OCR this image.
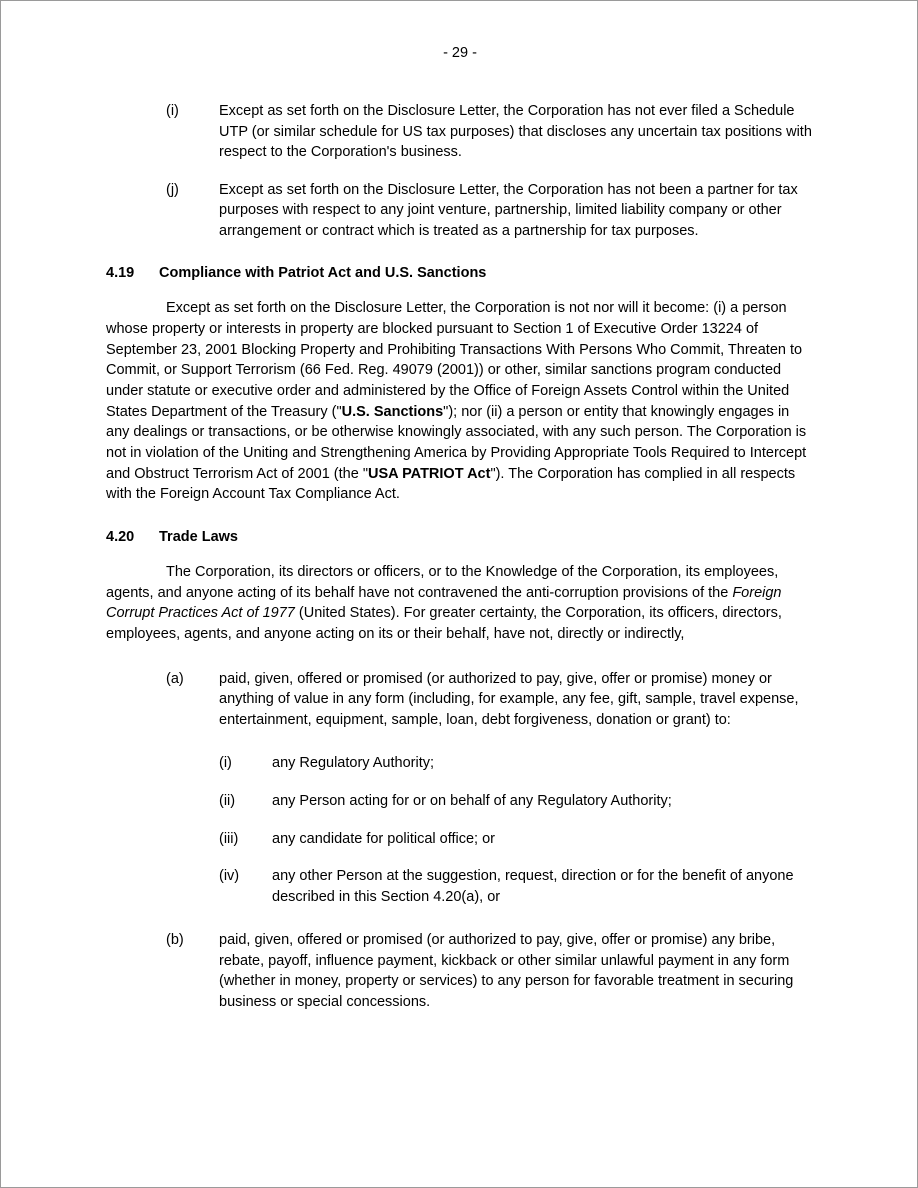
- 29 -
(i)	Except as set forth on the Disclosure Letter, the Corporation has not ever filed a Schedule UTP (or similar schedule for US tax purposes) that discloses any uncertain tax positions with respect to the Corporation's business.
(j)	Except as set forth on the Disclosure Letter, the Corporation has not been a partner for tax purposes with respect to any joint venture, partnership, limited liability company or other arrangement or contract which is treated as a partnership for tax purposes.
4.19	Compliance with Patriot Act and U.S. Sanctions
Except as set forth on the Disclosure Letter, the Corporation is not nor will it become: (i) a person whose property or interests in property are blocked pursuant to Section 1 of Executive Order 13224 of September 23, 2001 Blocking Property and Prohibiting Transactions With Persons Who Commit, Threaten to Commit, or Support Terrorism (66 Fed. Reg. 49079 (2001)) or other, similar sanctions program conducted under statute or executive order and administered by the Office of Foreign Assets Control within the United States Department of the Treasury ("U.S. Sanctions"); nor (ii) a person or entity that knowingly engages in any dealings or transactions, or be otherwise knowingly associated, with any such person. The Corporation is not in violation of the Uniting and Strengthening America by Providing Appropriate Tools Required to Intercept and Obstruct Terrorism Act of 2001 (the "USA PATRIOT Act"). The Corporation has complied in all respects with the Foreign Account Tax Compliance Act.
4.20	Trade Laws
The Corporation, its directors or officers, or to the Knowledge of the Corporation, its employees, agents, and anyone acting of its behalf have not contravened the anti-corruption provisions of the Foreign Corrupt Practices Act of 1977 (United States). For greater certainty, the Corporation, its officers, directors, employees, agents, and anyone acting on its or their behalf, have not, directly or indirectly,
(a)	paid, given, offered or promised (or authorized to pay, give, offer or promise) money or anything of value in any form (including, for example, any fee, gift, sample, travel expense, entertainment, equipment, sample, loan, debt forgiveness, donation or grant) to:
(i)	any Regulatory Authority;
(ii)	any Person acting for or on behalf of any Regulatory Authority;
(iii)	any candidate for political office; or
(iv)	any other Person at the suggestion, request, direction or for the benefit of anyone described in this Section 4.20(a), or
(b)	paid, given, offered or promised (or authorized to pay, give, offer or promise) any bribe, rebate, payoff, influence payment, kickback or other similar unlawful payment in any form (whether in money, property or services) to any person for favorable treatment in securing business or special concessions.
